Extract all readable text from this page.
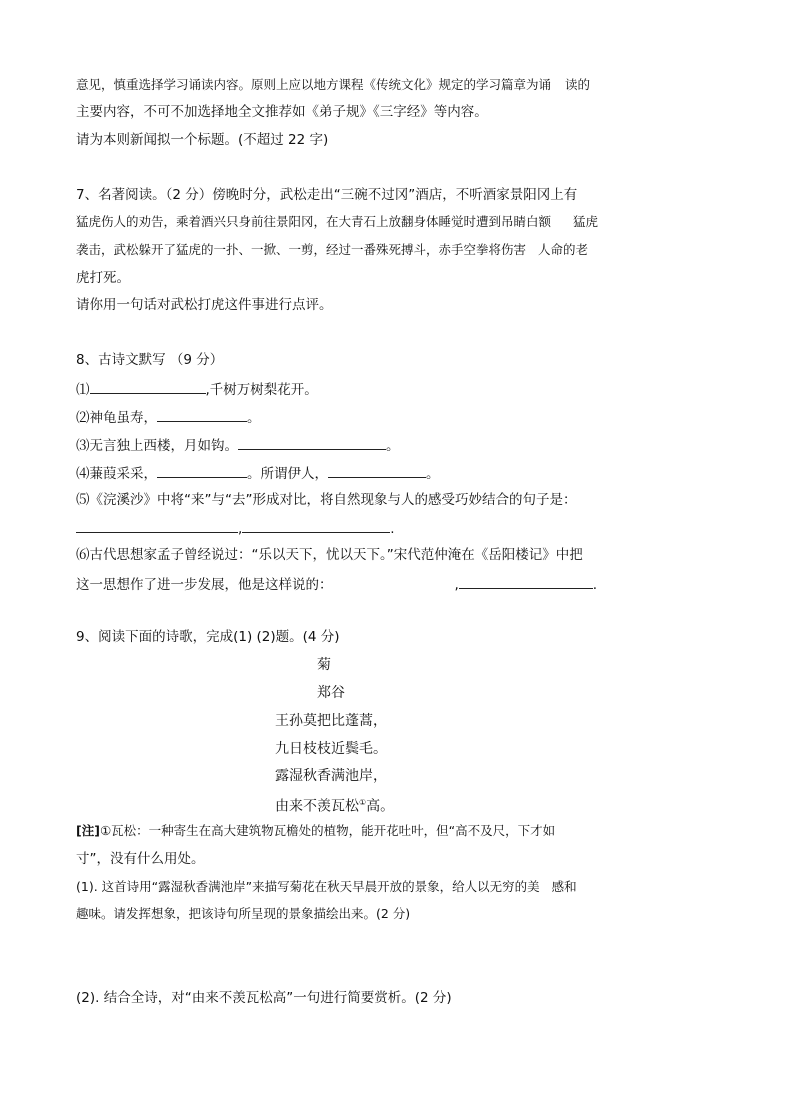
意见，慎重选择学习诵读内容。原则上应以地方课程《传统文化》规定的学习篇章为诵 读的
主要内容，不可不加选择地全文推荐如《弟子规》《三字经》等内容。
请为本则新闻拟一个标题。(不超过 22 字)
7、名著阅读。（2 分）傍晚时分，武松走出“三碗不过冈”酒店，不听酒家景阳冈上有
猛虎伤人的劝告，乘着酒兴只身前往景阳冈，在大青石上放翻身体睡觉时遭到吊睛白额 猛虎
袭击，武松躲开了猛虎的一扑、一掀、一剪，经过一番殊死搏斗，赤手空拳将伤害 人命的老
虎打死。
请你用一句话对武松打虎这件事进行点评。
8、古诗文默写 （9 分）
⑴	,千树万树梨花开。
⑵神龟虽寿，	。
⑶无言独上西楼，月如钩。	。
⑷蒹葭采采，	。所谓伊人，	。
⑸《浣溪沙》中将“来”与“去”形成对比，将自然现象与人的感受巧妙结合的句子是：
,	.
⑹古代思想家孟子曾经说过：“乐以天下，忧以天下。”宋代范仲淹在《岳阳楼记》中把
这一思想作了进一步发展，他是这样说的：	,	.
9、阅读下面的诗歌，完成(1) (2)题。(4 分)
菊
郑谷
王孙莫把比蓬蒿，
九日枝枝近鬓毛。
露湿秋香满池岸，
由来不羡瓦松①高。
[注]①瓦松：一种寄生在高大建筑物瓦檐处的植物，能开花吐叶，但“高不及尺，下才如
寸”，没有什么用处。
(1). 这首诗用“露湿秋香满池岸”来描写菊花在秋天早晨开放的景象，给人以无穷的美 感和
趣味。请发挥想象，把该诗句所呈现的景象描绘出来。(2 分)
(2). 结合全诗，对“由来不羡瓦松高”一句进行简要赏析。(2 分)
